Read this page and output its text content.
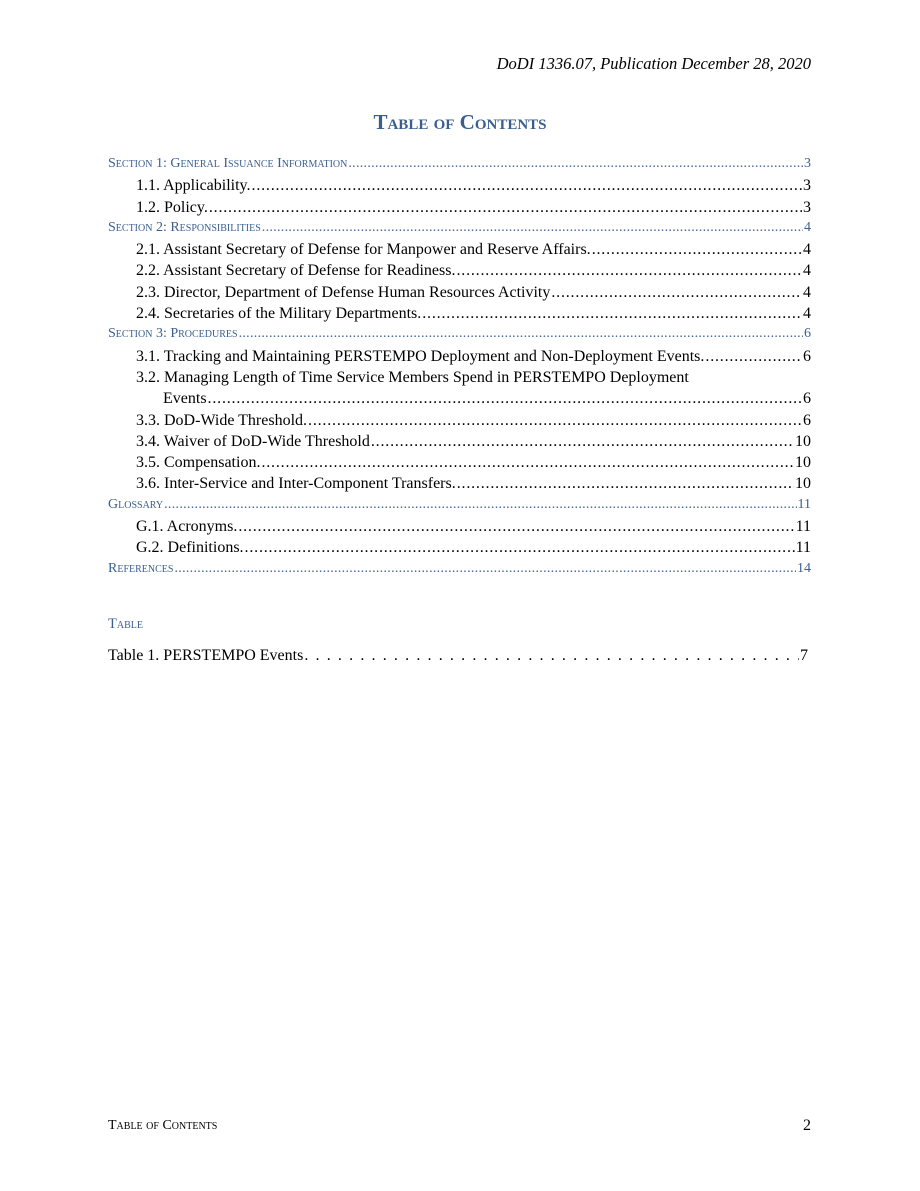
DoDI 1336.07, Publication December 28, 2020
Table of Contents
Section 1: General Issuance Information . . .	3
1.1. Applicability. . . .	3
1.2. Policy. . . .	3
Section 2: Responsibilities . . .	4
2.1. Assistant Secretary of Defense for Manpower and Reserve Affairs. . . .	4
2.2. Assistant Secretary of Defense for Readiness. . . .	4
2.3. Director, Department of Defense Human Resources Activity . . .	4
2.4. Secretaries of the Military Departments. . . .	4
Section 3: Procedures . . .	6
3.1. Tracking and Maintaining PERSTEMPO Deployment and Non-Deployment Events. . . .	6
3.2. Managing Length of Time Service Members Spend in PERSTEMPO Deployment
Events . . .	6
3.3. DoD-Wide Threshold. . . .	6
3.4. Waiver of DoD-Wide Threshold . . .	10
3.5. Compensation. . . .	10
3.6. Inter-Service and Inter-Component Transfers. . . .	10
Glossary . . .	11
G.1. Acronyms. . . .	11
G.2. Definitions. . . .	11
References . . .	14
Table
Table 1. PERSTEMPO Events . . .	7
Table of Contents	2
